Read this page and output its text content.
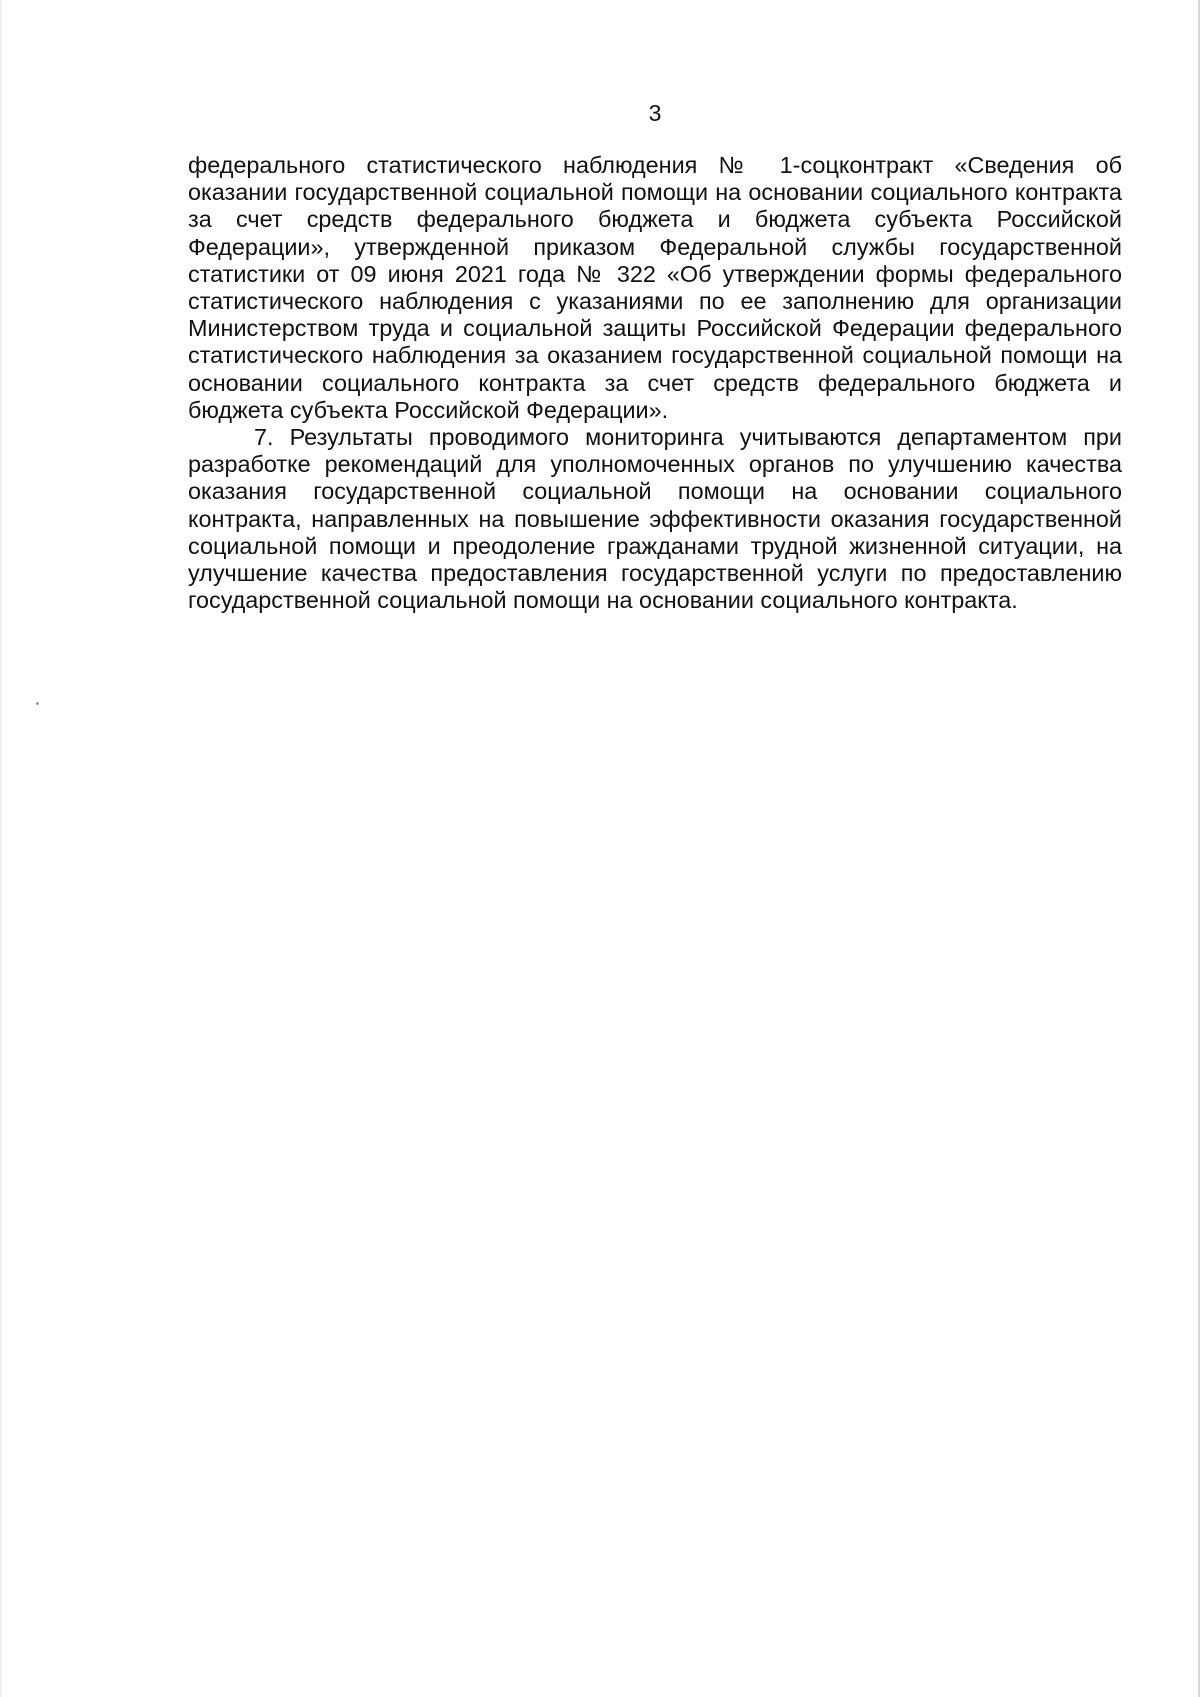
3

федерального статистического наблюдения № 1-соцконтракт «Сведения об оказании государственной социальной помощи на основании социального контракта за счет средств федерального бюджета и бюджета субъекта Российской Федерации», утвержденной приказом Федеральной службы государственной статистики от 09 июня 2021 года № 322 «Об утверждении формы федерального статистического наблюдения с указаниями по ее заполнению для организации Министерством труда и социальной защиты Российской Федерации федерального статистического наблюдения за оказанием государственной социальной помощи на основании социального контракта за счет средств федерального бюджета и бюджета субъекта Российской Федерации».

7. Результаты проводимого мониторинга учитываются департаментом при разработке рекомендаций для уполномоченных органов по улучшению качества оказания государственной социальной помощи на основании социального контракта, направленных на повышение эффективности оказания государственной социальной помощи и преодоление гражданами трудной жизненной ситуации, на улучшение качества предоставления государственной услуги по предоставлению государственной социальной помощи на основании социального контракта.
